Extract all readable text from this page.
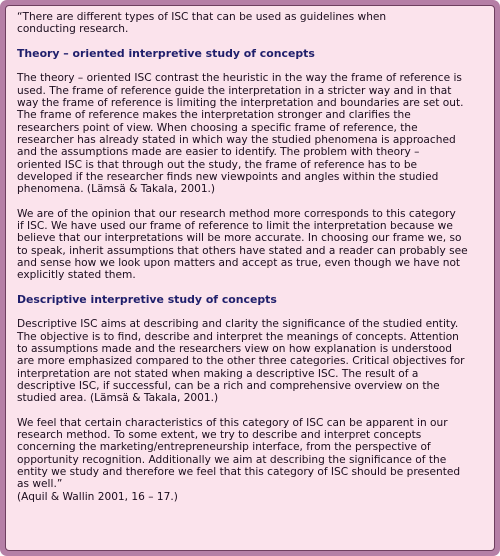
“There are different types of ISC that can be used as guidelines when
conducting research.

Theory – oriented interpretive study of concepts

The theory – oriented ISC contrast the heuristic in the way the frame of reference is
used. The frame of reference guide the interpretation in a stricter way and in that
way the frame of reference is limiting the interpretation and boundaries are set out.
The frame of reference makes the interpretation stronger and clarifies the
researchers point of view. When choosing a specific frame of reference, the
researcher has already stated in which way the studied phenomena is approached
and the assumptions made are easier to identify. The problem with theory –
oriented ISC is that through out the study, the frame of reference has to be
developed if the researcher finds new viewpoints and angles within the studied
phenomena. (Lämsä & Takala, 2001.)

We are of the opinion that our research method more corresponds to this category
if ISC. We have used our frame of reference to limit the interpretation because we
believe that our interpretations will be more accurate. In choosing our frame we, so
to speak, inherit assumptions that others have stated and a reader can probably see
and sense how we look upon matters and accept as true, even though we have not
explicitly stated them.

Descriptive interpretive study of concepts

Descriptive ISC aims at describing and clarity the significance of the studied entity.
The objective is to find, describe and interpret the meanings of concepts. Attention
to assumptions made and the researchers view on how explanation is understood
are more emphasized compared to the other three categories. Critical objectives for
interpretation are not stated when making a descriptive ISC. The result of a
descriptive ISC, if successful, can be a rich and comprehensive overview on the
studied area. (Lämsä & Takala, 2001.)

We feel that certain characteristics of this category of ISC can be apparent in our
research method. To some extent, we try to describe and interpret concepts
concerning the marketing/entrepreneurship interface, from the perspective of
opportunity recognition. Additionally we aim at describing the significance of the
entity we study and therefore we feel that this category of ISC should be presented
as well.”

(Aquil & Wallin 2001, 16 – 17.)
